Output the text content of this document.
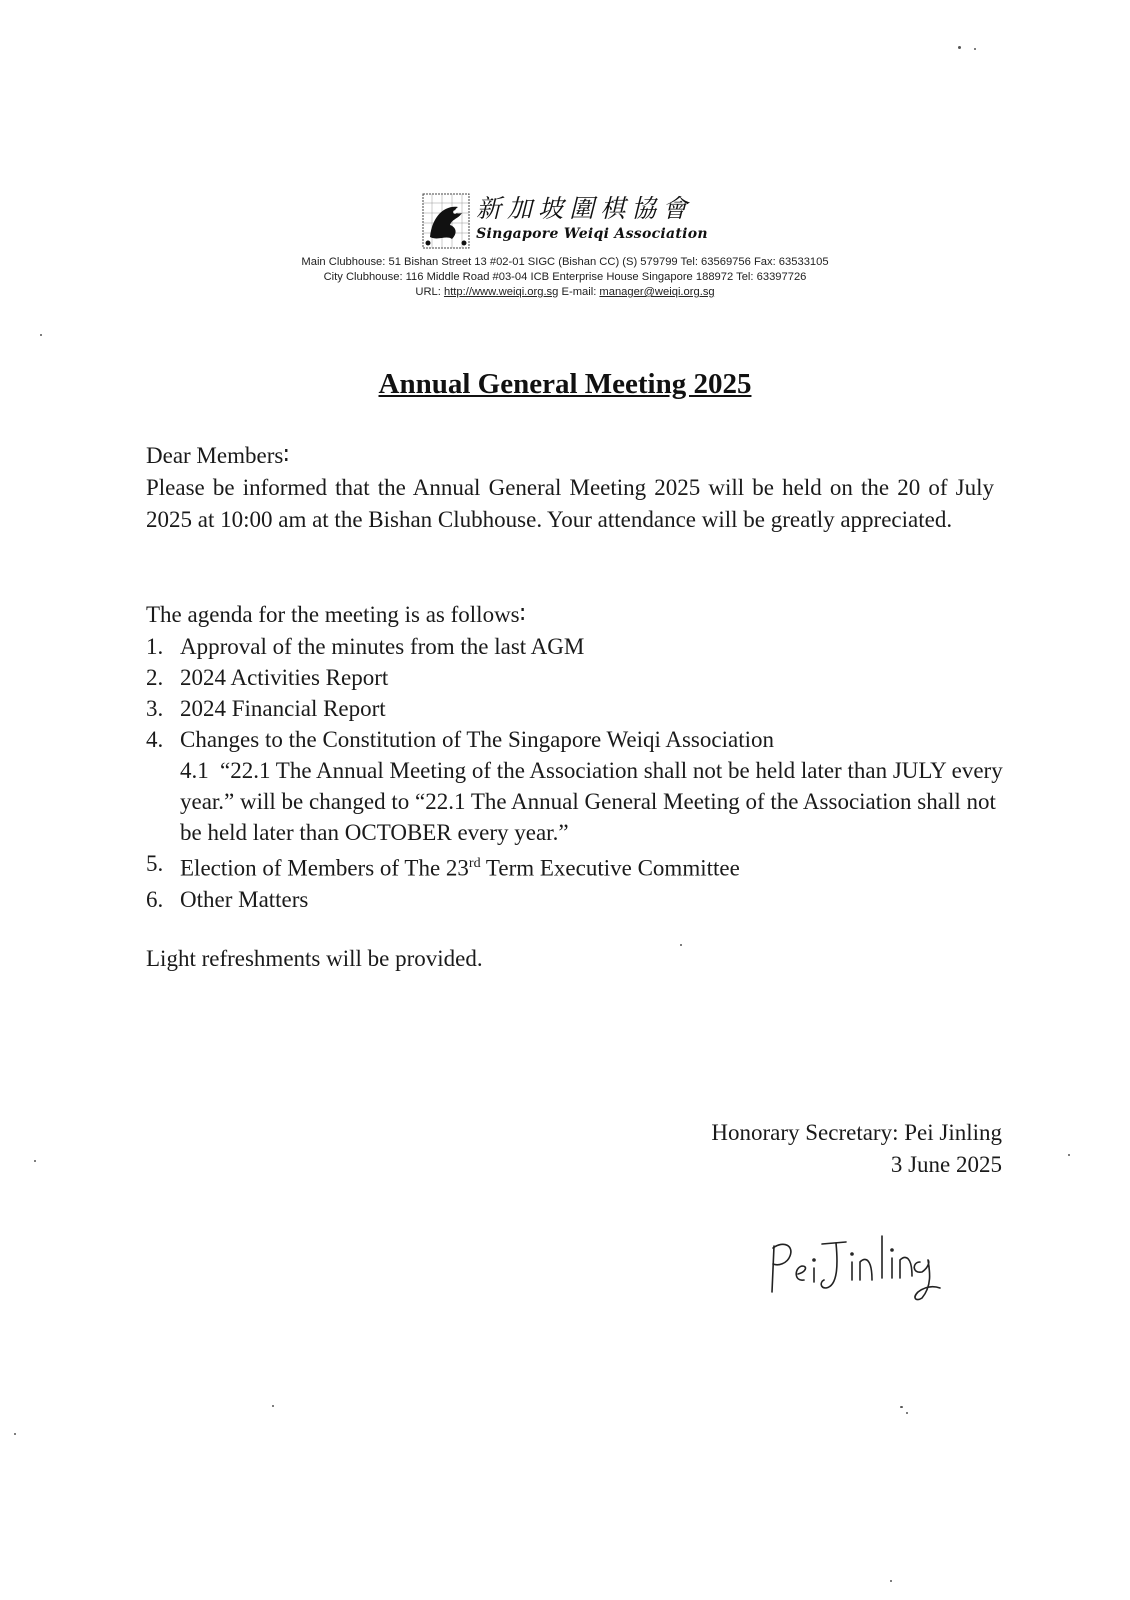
新加坡圍棋協會
Singapore Weiqi Association
Main Clubhouse: 51 Bishan Street 13 #02-01 SIGC (Bishan CC) (S) 579799 Tel: 63569756 Fax: 63533105
City Clubhouse: 116 Middle Road #03-04 ICB Enterprise House Singapore 188972 Tel: 63397726
URL: http://www.weiqi.org.sg E-mail: manager@weiqi.org.sg
Annual General Meeting 2025
Dear Members∶
Please be informed that the Annual General Meeting 2025 will be held on the 20 of July 2025 at 10:00 am at the Bishan Clubhouse. Your attendance will be greatly appreciated.
The agenda for the meeting is as follows∶
1. Approval of the minutes from the last AGM
2. 2024 Activities Report
3. 2024 Financial Report
4. Changes to the Constitution of The Singapore Weiqi Association
4.1 “22.1 The Annual Meeting of the Association shall not be held later than JULY every year.” will be changed to “22.1 The Annual General Meeting of the Association shall not be held later than OCTOBER every year.”
5. Election of Members of The 23rd Term Executive Committee
6. Other Matters
Light refreshments will be provided.
Honorary Secretary: Pei Jinling
3 June 2025
